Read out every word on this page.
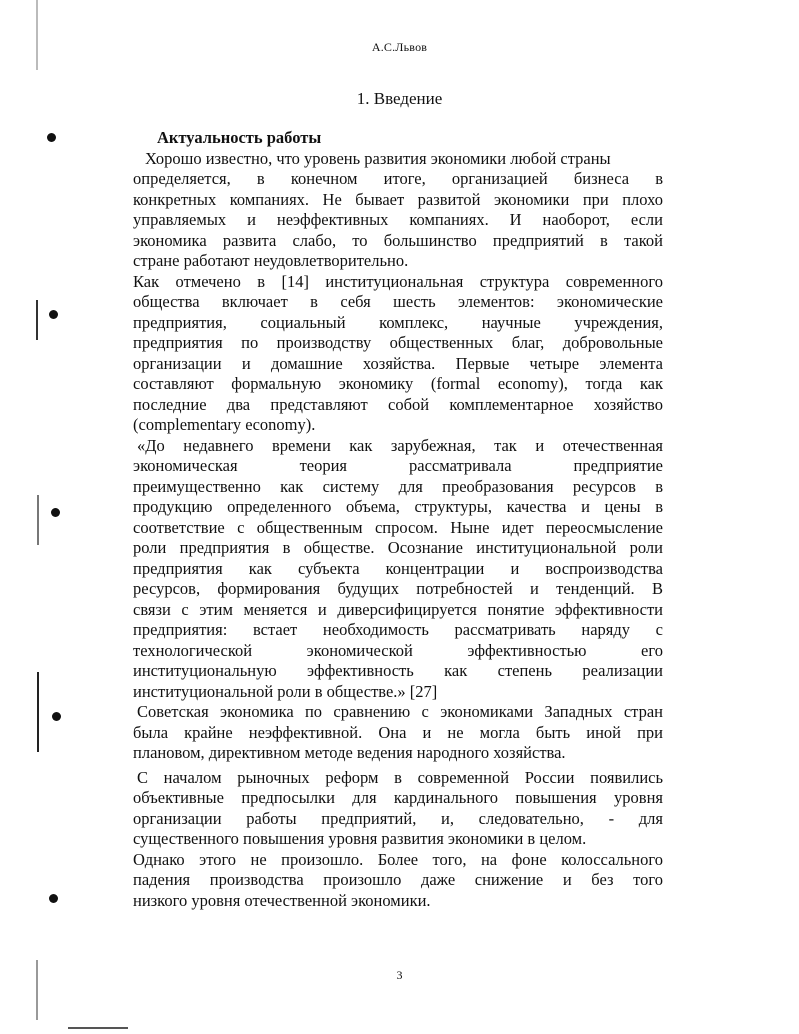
А.С.Львов
1. Введение
Актуальность работы
Хорошо известно, что уровень развития экономики любой страны
определяется, в конечном итоге, организацией бизнеса в
конкретных компаниях. Не бывает развитой экономики при плохо
управляемых и неэффективных компаниях. И наоборот, если
экономика развита слабо, то большинство предприятий в такой
стране работают неудовлетворительно.
Как отмечено в [14] институциональная структура современного
общества включает в себя шесть элементов: экономические
предприятия, социальный комплекс, научные учреждения,
предприятия по производству общественных благ, добровольные
организации и домашние хозяйства. Первые четыре элемента
составляют формальную экономику (formal economy), тогда как
последние два представляют собой комплементарное хозяйство
(complementary economy).
«До недавнего времени как зарубежная, так и отечественная
экономическая теория рассматривала предприятие
преимущественно как систему для преобразования ресурсов в
продукцию определенного объема, структуры, качества и цены в
соответствие с общественным спросом. Ныне идет переосмысление
роли предприятия в обществе. Осознание институциональной роли
предприятия как субъекта концентрации и воспроизводства
ресурсов, формирования будущих потребностей и тенденций. В
связи с этим меняется и диверсифицируется понятие эффективности
предприятия: встает необходимость рассматривать наряду с
технологической экономической эффективностью его
институциональную эффективность как степень реализации
институциональной роли в обществе.» [27]
Советская экономика по сравнению с экономиками Западных стран
была крайне неэффективной. Она и не могла быть иной при
плановом, директивном методе ведения народного хозяйства.
С началом рыночных реформ в современной России появились
объективные предпосылки для кардинального повышения уровня
организации работы предприятий, и, следовательно, - для
существенного повышения уровня развития экономики в целом.
Однако этого не произошло. Более того, на фоне колоссального
падения производства произошло даже снижение и без того
низкого уровня отечественной экономики.
3
